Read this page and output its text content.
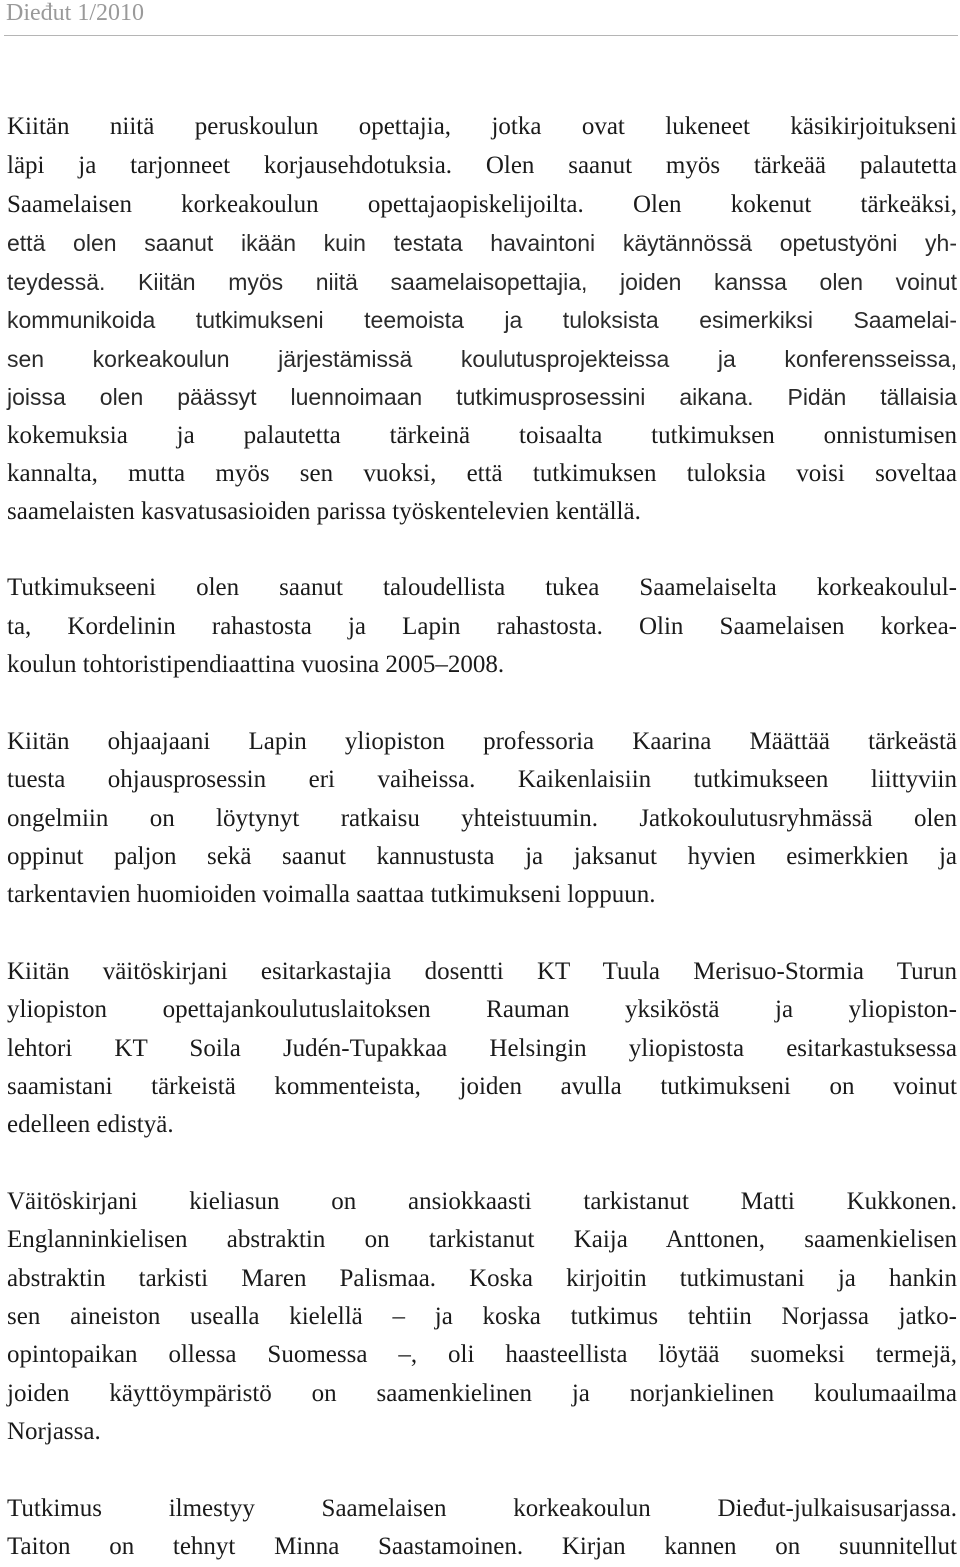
Dieđut 1/2010
Kiitän niitä peruskoulun opettajia, jotka ovat lukeneet käsikirjoitukseni
läpi ja tarjonneet korjausehdotuksia. Olen saanut myös tärkeää palautetta
Saamelaisen korkeakoulun opettajaopiskelijoilta. Olen kokenut tärkeäksi,
että olen saanut ikään kuin testata havaintoni käytännössä opetustyöni yh-
teydessä. Kiitän myös niitä saamelaisopettajia, joiden kanssa olen voinut
kommunikoida tutkimukseni teemoista ja tuloksista esimerkiksi Saamelai-
sen korkeakoulun järjestämissä koulutusprojekteissa ja konferensseissa,
joissa olen päässyt luennoimaan tutkimusprosessini aikana. Pidän tällaisia
kokemuksia ja palautetta tärkeinä toisaalta tutkimuksen onnistumisen
kannalta, mutta myös sen vuoksi, että tutkimuksen tuloksia voisi soveltaa
saamelaisten kasvatusasioiden parissa työskentelevien kentällä.
Tutkimukseeni olen saanut taloudellista tukea Saamelaiselta korkeakoulul-
ta, Kordelinin rahastosta ja Lapin rahastosta. Olin Saamelaisen korkea-
koulun tohtoristipendiaattina vuosina 2005–2008.
Kiitän ohjaajaani Lapin yliopiston professoria Kaarina Määttää tärkeästä
tuesta ohjausprosessin eri vaiheissa. Kaikenlaisiin tutkimukseen liittyviin
ongelmiin on löytynyt ratkaisu yhteistuumin. Jatkokoulutusryhmässä olen
oppinut paljon sekä saanut kannustusta ja jaksanut hyvien esimerkkien ja
tarkentavien huomioiden voimalla saattaa tutkimukseni loppuun.
Kiitän väitöskirjani esitarkastajia dosentti KT Tuula Merisuo-Stormia Turun
yliopiston opettajankoulutuslaitoksen Rauman yksiköstä ja yliopiston-
lehtori KT Soila Judén-Tupakkaa Helsingin yliopistosta esitarkastuksessa
saamistani tärkeistä kommenteista, joiden avulla tutkimukseni on voinut
edelleen edistyä.
Väitöskirjani kieliasun on ansiokkaasti tarkistanut Matti Kukkonen.
Englanninkielisen abstraktin on tarkistanut Kaija Anttonen, saamenkielisen
abstraktin tarkisti Maren Palismaa. Koska kirjoitin tutkimustani ja hankin
sen aineiston usealla kielellä – ja koska tutkimus tehtiin Norjassa jatko-
opintopaikan ollessa Suomessa –, oli haasteellista löytää suomeksi termejä,
joiden käyttöympäristö on saamenkielinen ja norjankielinen koulumaailma
Norjassa.
Tutkimus ilmestyy Saamelaisen korkeakoulun Dieđut-julkaisusarjassa.
Taiton on tehnyt Minna Saastamoinen. Kirjan kannen on suunnitellut
